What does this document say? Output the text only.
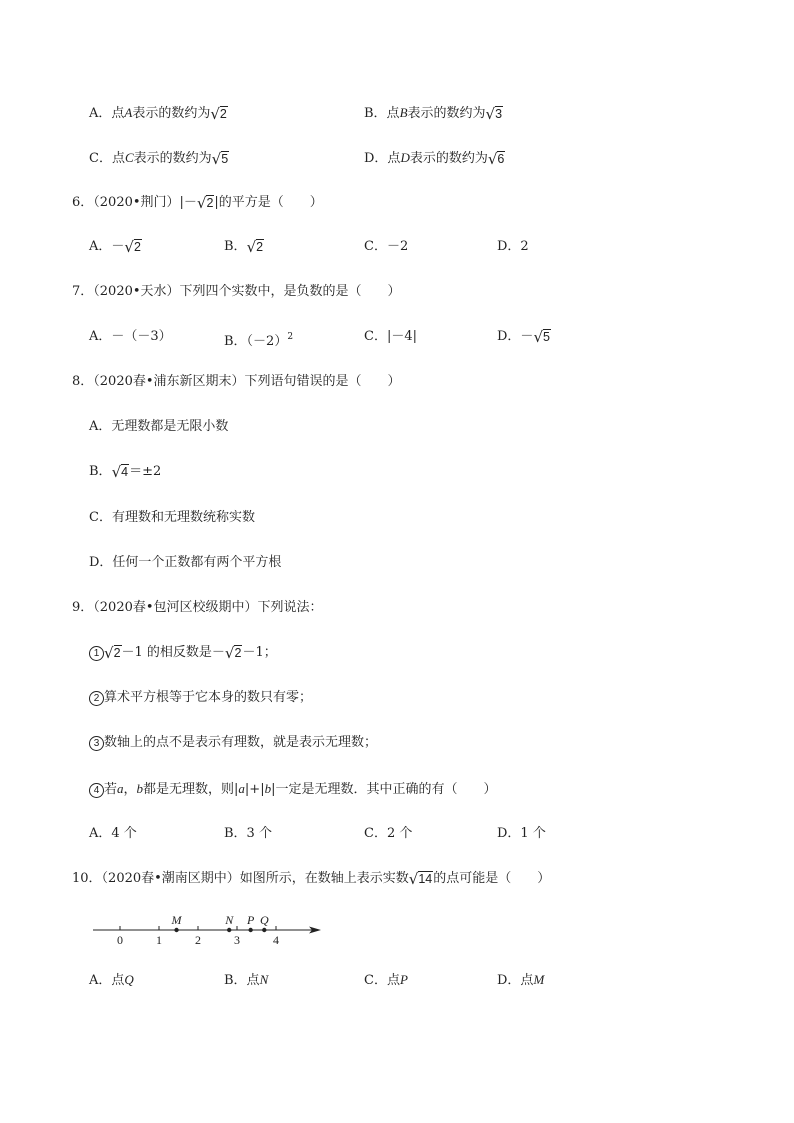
A．点A表示的数约为 √ 2	B．点B表示的数约为 √ 3
C．点C表示的数约为 √ 5	D．点D表示的数约为 √ 6
6．（2020•荆门）|－ √ 2 |的平方是（　　）
A．－ √ 2	B． √ 2	C．－2	D．2
7．（2020•天水）下列四个实数中，是负数的是（　　）
A．－（－3）	B．$(-2)^2$	C．|－4|	D．－ √ 5
8．（2020春•浦东新区期末）下列语句错误的是（　　）
A．无理数都是无限小数
B． √ 4 ＝±2
C．有理数和无理数统称实数
D．任何一个正数都有两个平方根
9．（2020春•包河区校级期中）下列说法：
1 √ 2 －1 的相反数是－ √ 2 －1；
2 算术平方根等于它本身的数只有零；
3 数轴上的点不是表示有理数，就是表示无理数；
4 若a，b都是无理数，则|a|+|b|一定是无理数．其中正确的有（　　）
A．4 个	B．3 个	C．2 个	D．1 个
10．（2020春•潮南区期中）如图所示，在数轴上表示实数 √ 14 的点可能是（　　）
0	1	2	3	4
M	N P Q
A．点Q	B．点N	C．点P	D．点M
